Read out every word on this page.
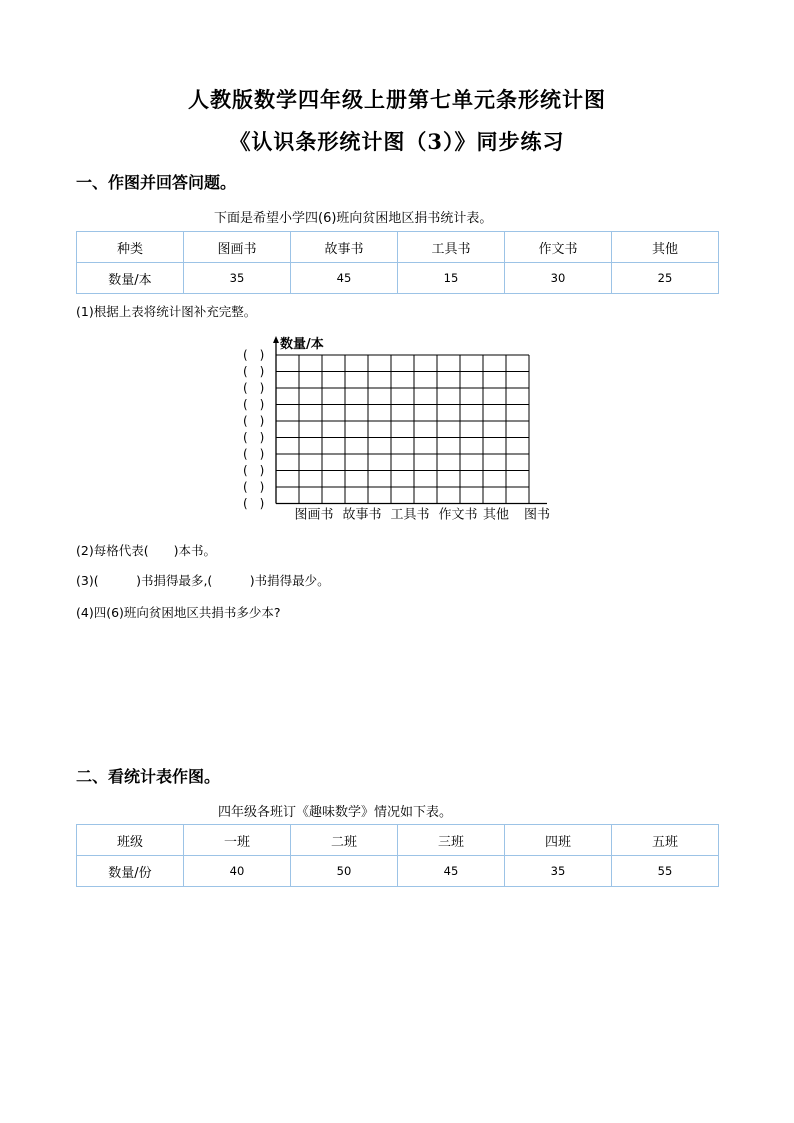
人教版数学四年级上册第七单元条形统计图
《认识条形统计图（3）》同步练习
一、作图并回答问题。
下面是希望小学四(6)班向贫困地区捐书统计表。
种类	图画书	故事书	工具书	作文书	其他
数量/本	35	45	15	30	25
(1)根据上表将统计图补充完整。
数量/本
(　)
(　)
(　)
(　)
(　)
(　)
(　)
(　)
(　)
(　)
图画书 故事书 工具书 作文书 其他 图书
(2)每格代表(　　)本书。
(3)(　　　)书捐得最多,(　　　)书捐得最少。
(4)四(6)班向贫困地区共捐书多少本?
二、看统计表作图。
四年级各班订《趣味数学》情况如下表。
班级	一班	二班	三班	四班	五班
数量/份	40	50	45	35	55
